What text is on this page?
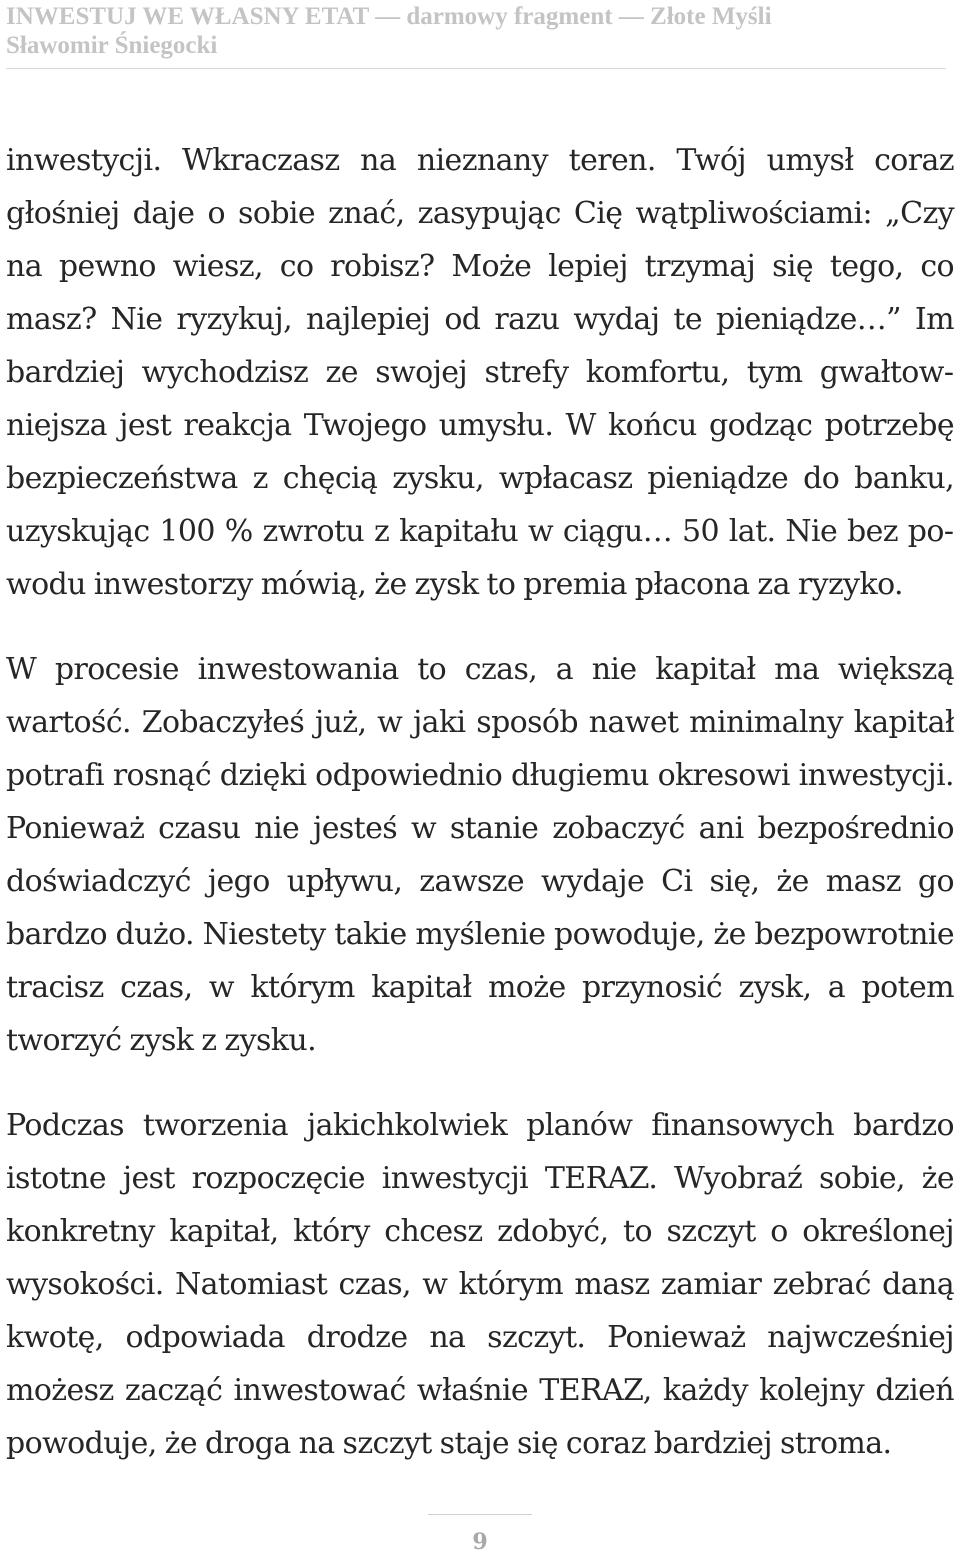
INWESTUJ WE WŁASNY ETAT — darmowy fragment — Złote Myśli
Sławomir Śniegocki

inwestycji. Wkraczasz na nieznany teren. Twój umysł coraz głośniej daje o sobie znać, zasypując Cię wątpliwościami: „Czy na pewno wiesz, co robisz? Może lepiej trzymaj się tego, co masz? Nie ryzykuj, najlepiej od razu wydaj te pieniądze…” Im bardziej wychodzisz ze swojej strefy komfortu, tym gwałtowniejsza jest reakcja Twojego umysłu. W końcu godząc potrzebę bezpieczeństwa z chęcią zysku, wpłacasz pieniądze do banku, uzyskując 100 % zwrotu z kapitału w ciągu… 50 lat. Nie bez powodu inwestorzy mówią, że zysk to premia płacona za ryzyko.

W procesie inwestowania to czas, a nie kapitał ma większą wartość. Zobaczyłeś już, w jaki sposób nawet minimalny kapitał potrafi rosnąć dzięki odpowiednio długiemu okresowi inwestycji. Ponieważ czasu nie jesteś w stanie zobaczyć ani bezpośrednio doświadczyć jego upływu, zawsze wydaje Ci się, że masz go bardzo dużo. Niestety takie myślenie powoduje, że bezpowrotnie tracisz czas, w którym kapitał może przynosić zysk, a potem tworzyć zysk z zysku.

Podczas tworzenia jakichkolwiek planów finansowych bardzo istotne jest rozpoczęcie inwestycji TERAZ. Wyobraź sobie, że konkretny kapitał, który chcesz zdobyć, to szczyt o określonej wysokości. Natomiast czas, w którym masz zamiar zebrać daną kwotę, odpowiada drodze na szczyt. Ponieważ najwcześniej możesz zacząć inwestować właśnie TERAZ, każdy kolejny dzień powoduje, że droga na szczyt staje się coraz bardziej stroma.

9
